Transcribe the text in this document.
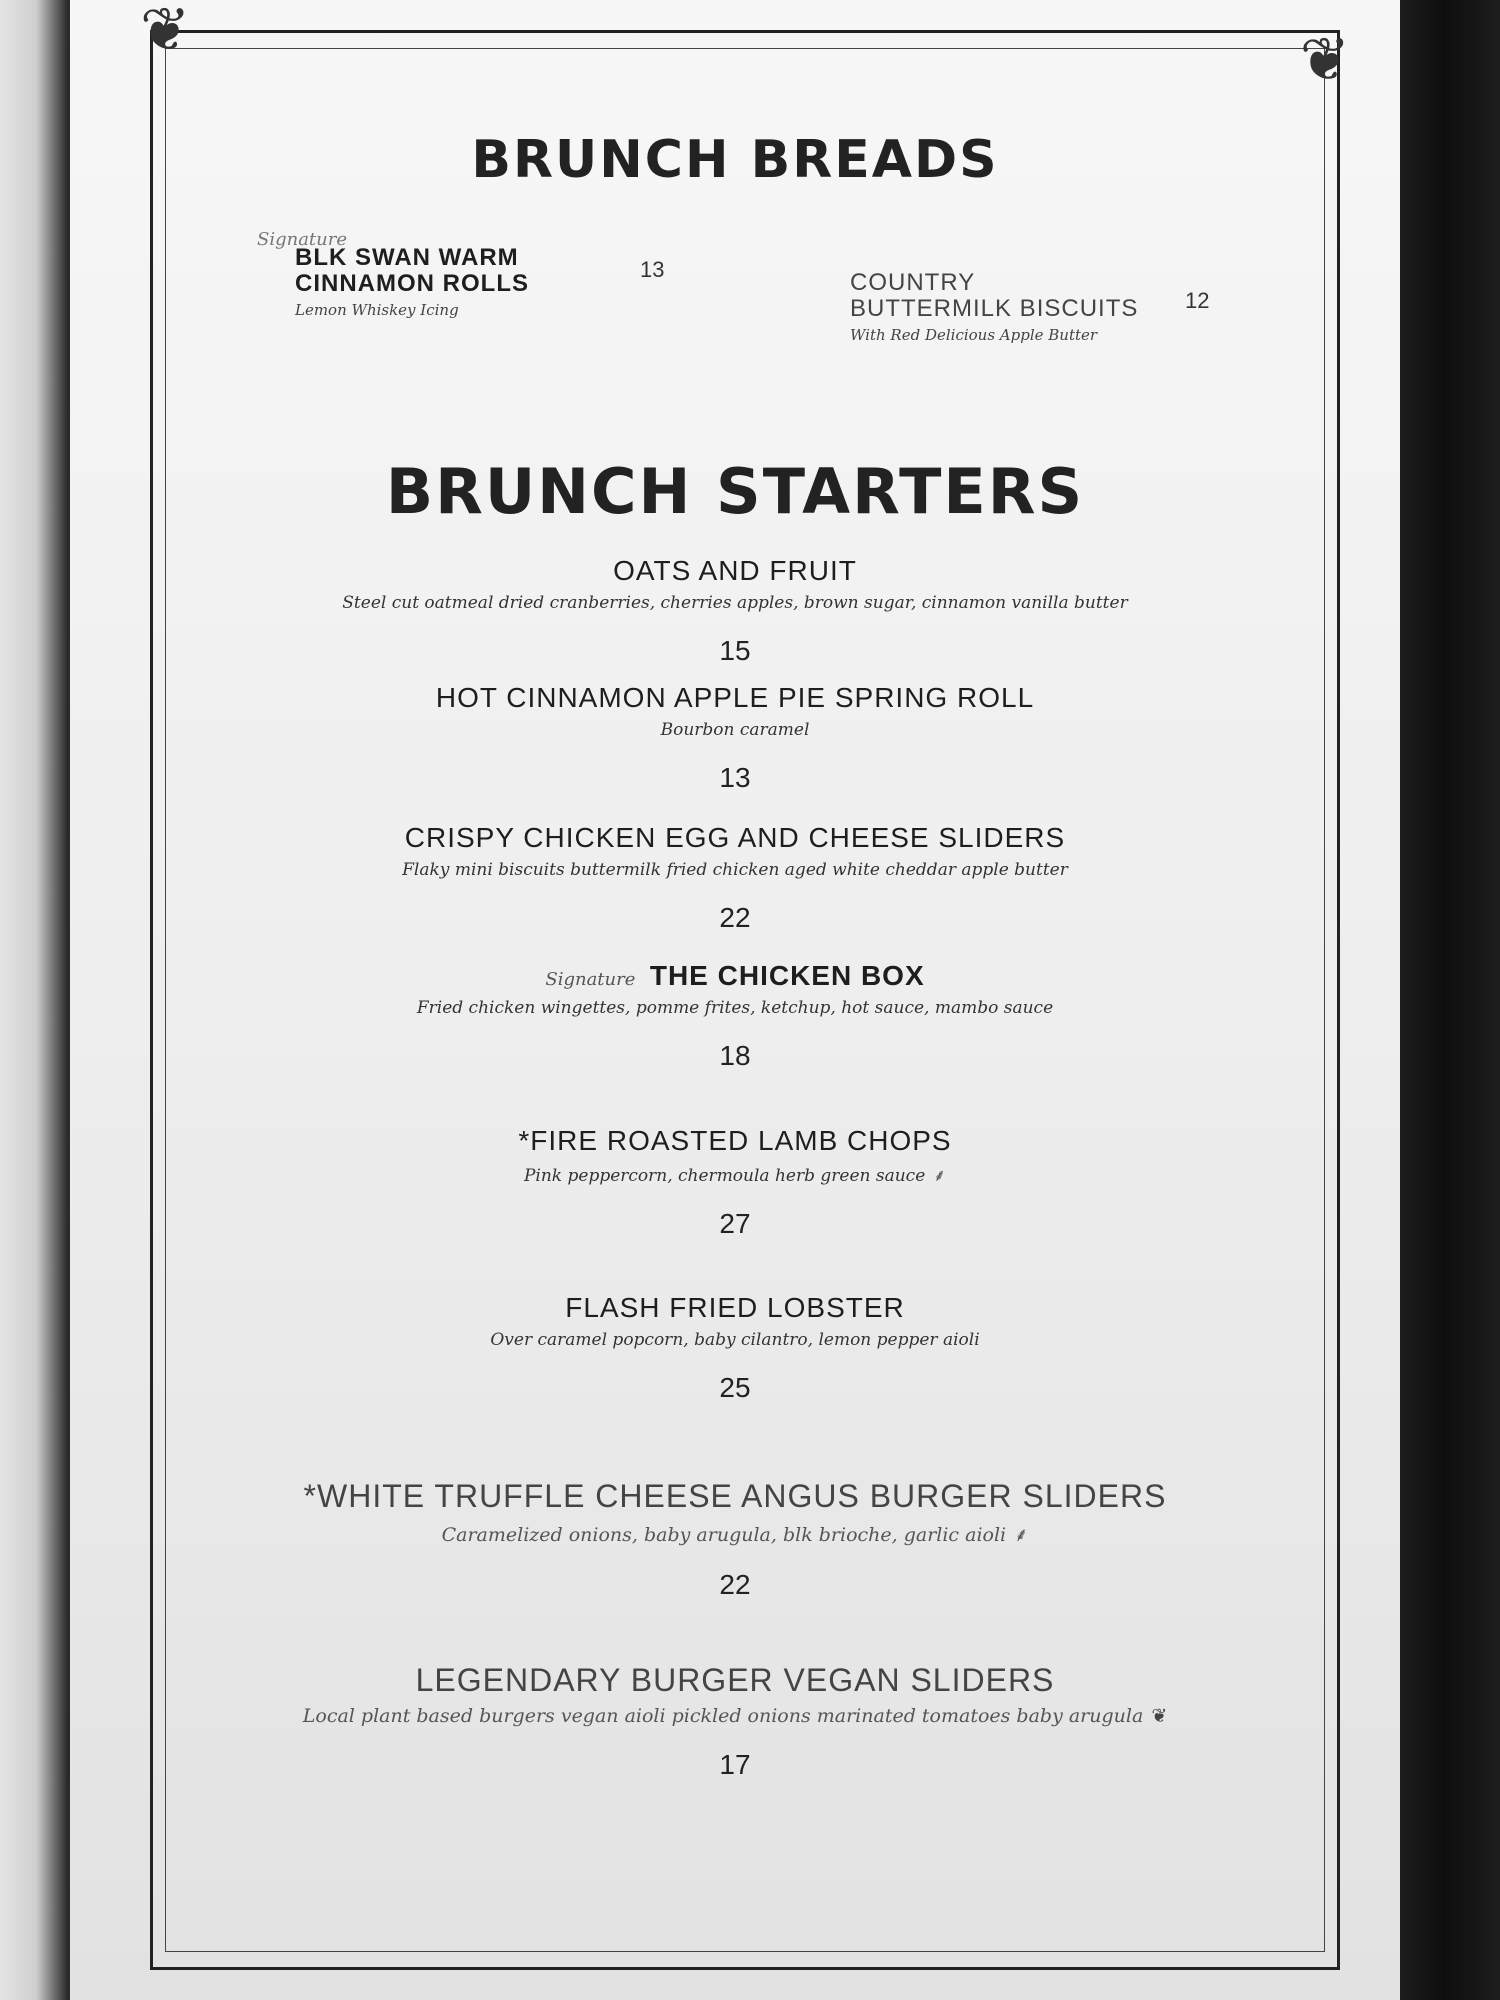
❦	❦
BRUNCH BREADS
Signature
BLK SWAN WARM
CINNAMON ROLLS
Lemon Whiskey Icing
13	COUNTRY
BUTTERMILK BISCUITS
With Red Delicious Apple Butter
12
BRUNCH STARTERS
OATS AND FRUIT
Steel cut oatmeal dried cranberries, cherries apples, brown sugar, cinnamon vanilla butter
15
HOT CINNAMON APPLE PIE SPRING ROLL
Bourbon caramel
13
CRISPY CHICKEN EGG AND CHEESE SLIDERS
Flaky mini biscuits buttermilk fried chicken aged white cheddar apple butter
22
Signature THE CHICKEN BOX
Fried chicken wingettes, pomme frites, ketchup, hot sauce, mambo sauce
18
*FIRE ROASTED LAMB CHOPS
Pink peppercorn, chermoula herb green sauce ⸙
27
FLASH FRIED LOBSTER
Over caramel popcorn, baby cilantro, lemon pepper aioli
25
*WHITE TRUFFLE CHEESE ANGUS BURGER SLIDERS
Caramelized onions, baby arugula, blk brioche, garlic aioli ⸙
22
LEGENDARY BURGER VEGAN SLIDERS
Local plant based burgers vegan aioli pickled onions marinated tomatoes baby arugula ❦
17
